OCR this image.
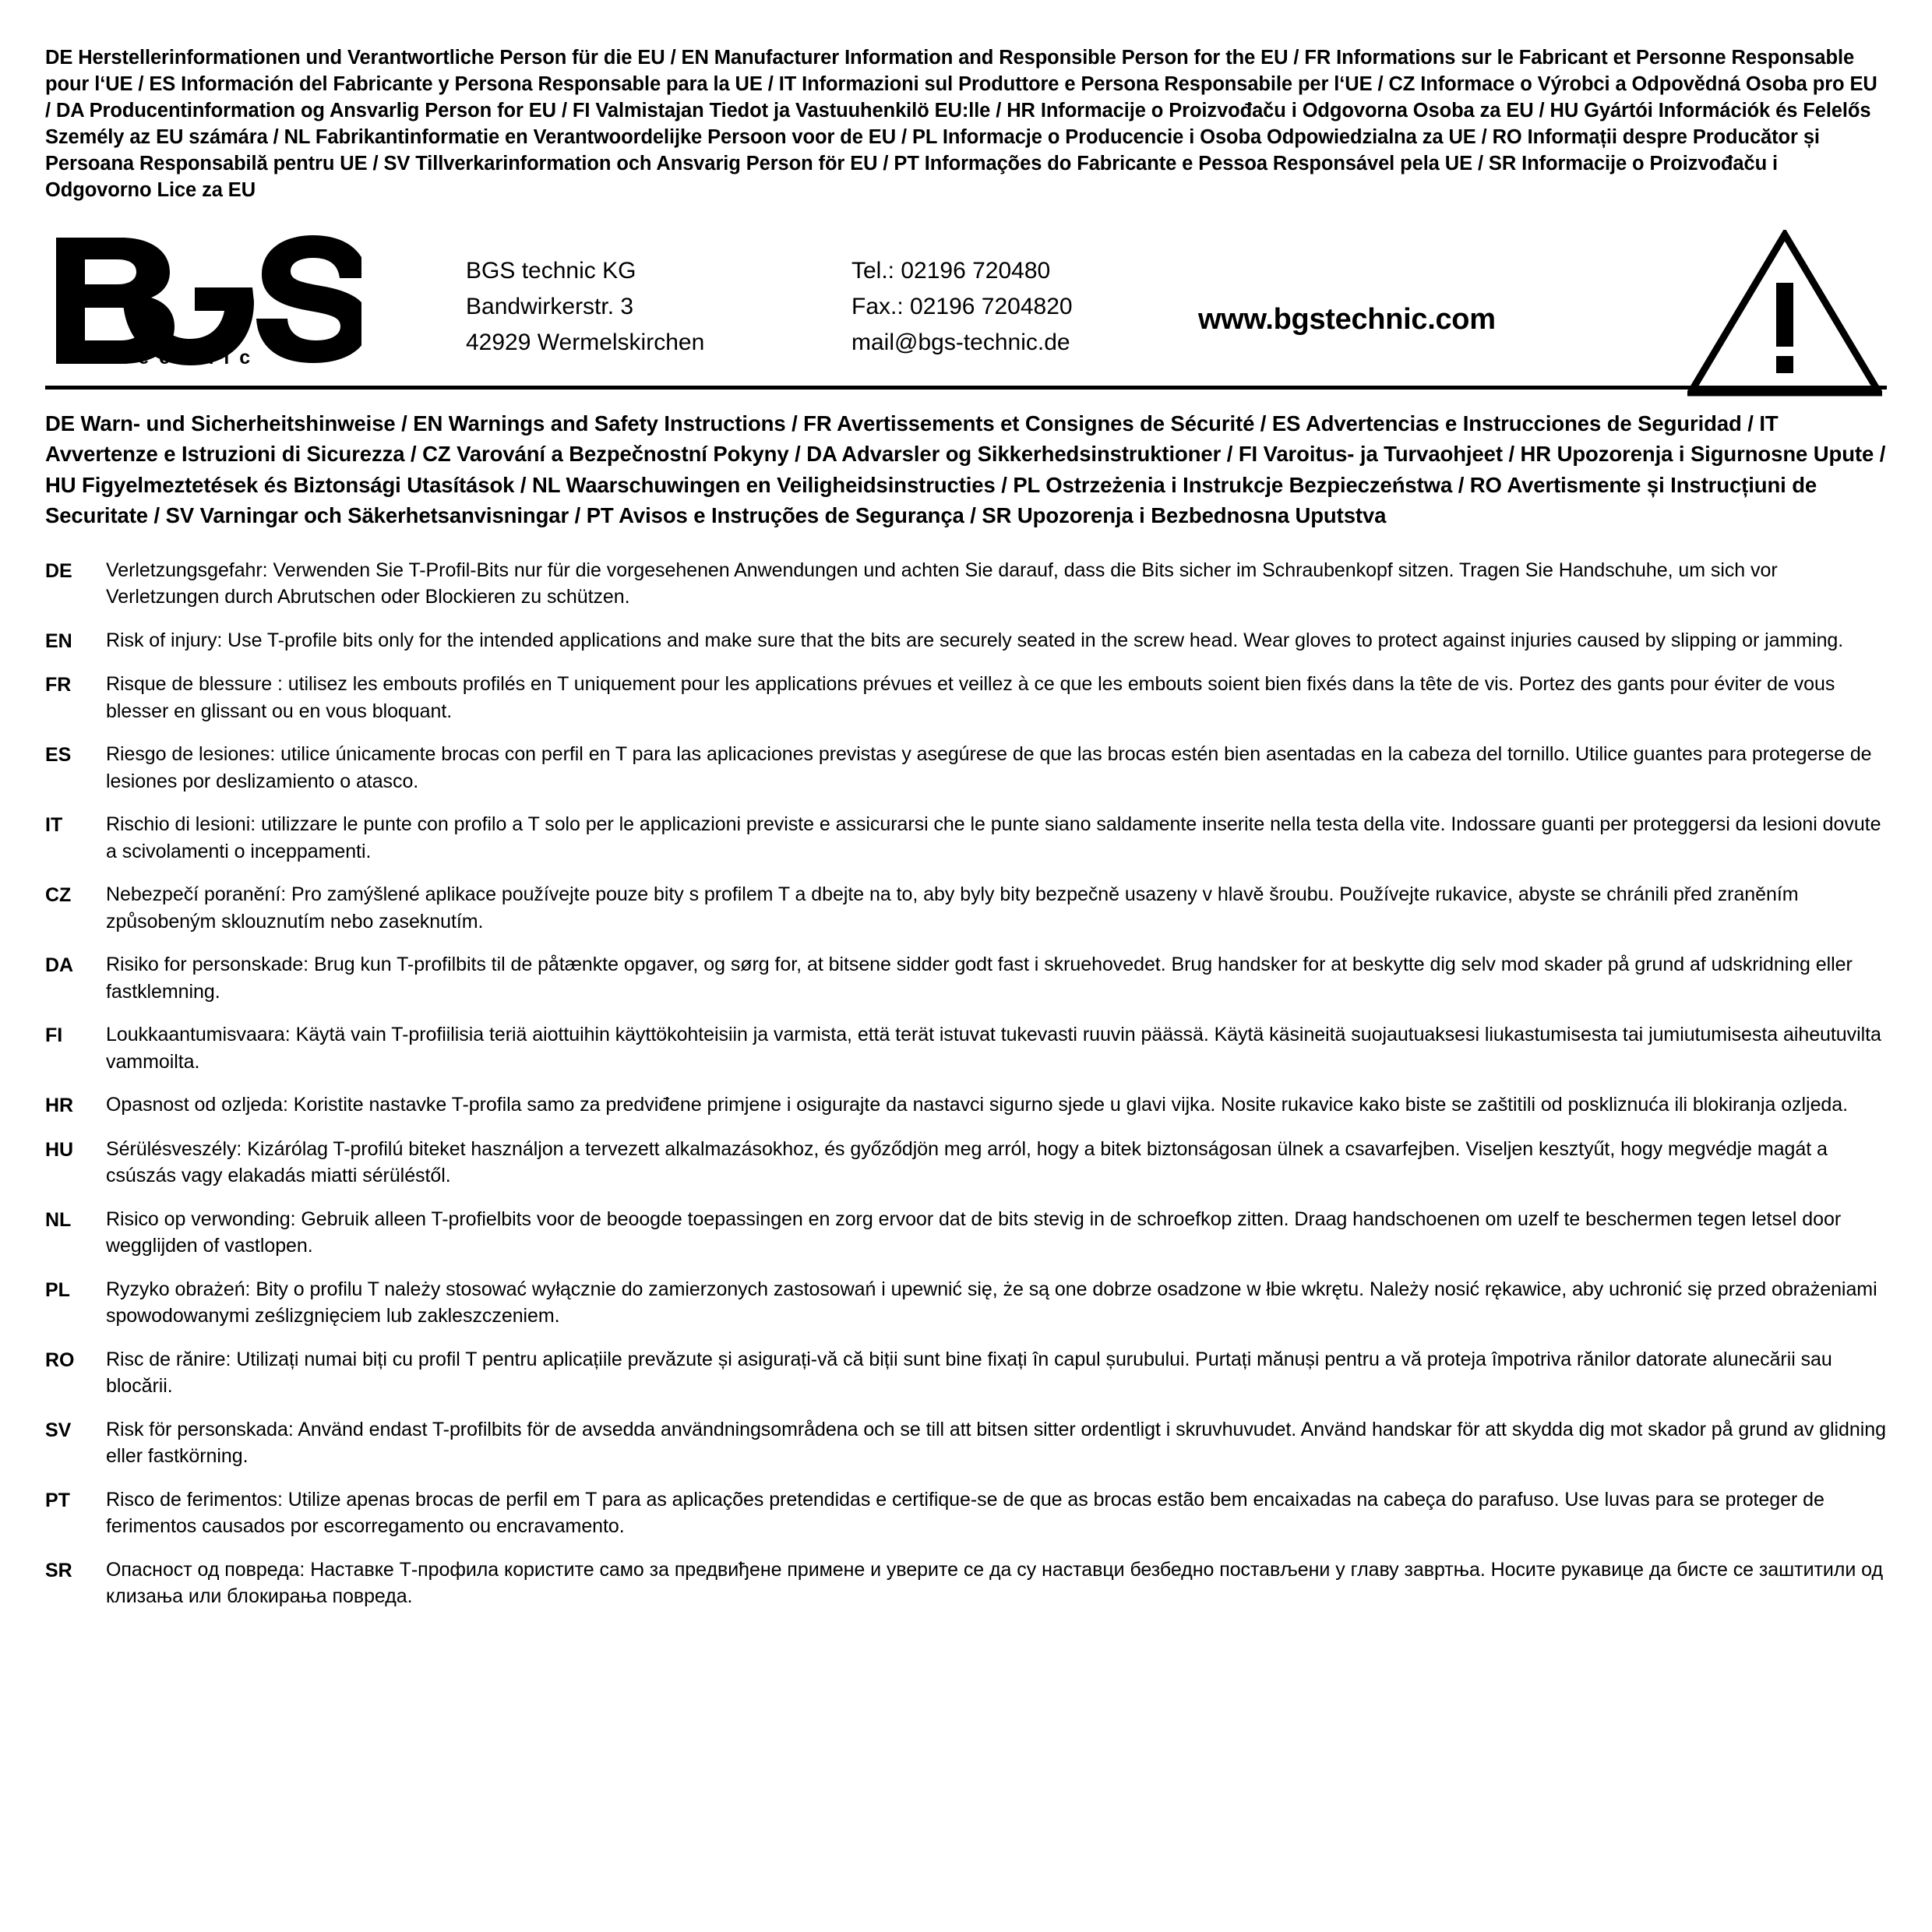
DE Herstellerinformationen und Verantwortliche Person für die EU / EN Manufacturer Information and Responsible Person for the EU / FR Informations sur le Fabricant et Personne Responsable pour l‘UE / ES Información del Fabricante y Persona Responsable para la UE / IT Informazioni sul Produttore e Persona Responsabile per l‘UE / CZ Informace o Výrobci a Odpovědná Osoba pro EU / DA Producentinformation og Ansvarlig Person for EU / FI Valmistajan Tiedot ja Vastuuhenkilö EU:lle / HR Informacije o Proizvođaču i Odgovorna Osoba za EU / HU Gyártói Információk és Felelős Személy az EU számára / NL Fabrikantinformatie en Verantwoordelijke Persoon voor de EU / PL Informacje o Producencie i Osoba Odpowiedzialna za UE / RO Informații despre Producător și Persoana Responsabilă pentru UE / SV Tillverkarinformation och Ansvarig Person för EU / PT Informações do Fabricante e Pessoa Responsável pela UE / SR Informacije o Proizvođaču i Odgovorno Lice za EU
t e c h n i c
®
BGS technic KG
Bandwirkerstr. 3
42929 Wermelskirchen
Tel.: 02196 720480
Fax.: 02196 7204820
mail@bgs-technic.de
www.bgstechnic.com
DE Warn- und Sicherheitshinweise / EN Warnings and Safety Instructions / FR Avertissements et Consignes de Sécurité / ES Advertencias e Instrucciones de Seguridad / IT Avvertenze e Istruzioni di Sicurezza / CZ Varování a Bezpečnostní Pokyny / DA Advarsler og Sikkerhedsinstruktioner / FI Varoitus- ja Turvaohjeet / HR Upozorenja i Sigurnosne Upute / HU Figyelmeztetések és Biztonsági Utasítások / NL Waarschuwingen en Veiligheidsinstructies / PL Ostrzeżenia i Instrukcje Bezpieczeństwa / RO Avertismente și Instrucțiuni de Securitate / SV Varningar och Säkerhetsanvisningar / PT Avisos e Instruções de Segurança / SR Upozorenja i Bezbednosna Uputstva
DE	Verletzungsgefahr: Verwenden Sie T-Profil-Bits nur für die vorgesehenen Anwendungen und achten Sie darauf, dass die Bits sicher im Schraubenkopf sitzen. Tragen Sie Handschuhe, um sich vor Verletzungen durch Abrutschen oder Blockieren zu schützen.
EN	Risk of injury: Use T-profile bits only for the intended applications and make sure that the bits are securely seated in the screw head. Wear gloves to protect against injuries caused by slipping or jamming.
FR	Risque de blessure : utilisez les embouts profilés en T uniquement pour les applications prévues et veillez à ce que les embouts soient bien fixés dans la tête de vis. Portez des gants pour éviter de vous blesser en glissant ou en vous bloquant.
ES	Riesgo de lesiones: utilice únicamente brocas con perfil en T para las aplicaciones previstas y asegúrese de que las brocas estén bien asentadas en la cabeza del tornillo. Utilice guantes para protegerse de lesiones por deslizamiento o atasco.
IT	Rischio di lesioni: utilizzare le punte con profilo a T solo per le applicazioni previste e assicurarsi che le punte siano saldamente inserite nella testa della vite. Indossare guanti per proteggersi da lesioni dovute a scivolamenti o inceppamenti.
CZ	Nebezpečí poranění: Pro zamýšlené aplikace používejte pouze bity s profilem T a dbejte na to, aby byly bity bezpečně usazeny v hlavě šroubu. Používejte rukavice, abyste se chránili před zraněním způsobeným sklouznutím nebo zaseknutím.
DA	Risiko for personskade: Brug kun T-profilbits til de påtænkte opgaver, og sørg for, at bitsene sidder godt fast i skruehovedet. Brug handsker for at beskytte dig selv mod skader på grund af udskridning eller fastklemning.
FI	Loukkaantumisvaara: Käytä vain T-profiilisia teriä aiottuihin käyttökohteisiin ja varmista, että terät istuvat tukevasti ruuvin päässä. Käytä käsineitä suojautuaksesi liukastumisesta tai jumiutumisesta aiheutuvilta vammoilta.
HR	Opasnost od ozljeda: Koristite nastavke T-profila samo za predviđene primjene i osigurajte da nastavci sigurno sjede u glavi vijka. Nosite rukavice kako biste se zaštitili od posklizn​uća ili blokiranja ozljeda.
HU	Sérülésveszély: Kizárólag T-profilú biteket használjon a tervezett alkalmazásokhoz, és győződjön meg arról, hogy a bitek biztonságosan ülnek a csavarfejben. Viseljen kesztyűt, hogy megvédje magát a csúszás vagy elakadás miatti sérüléstől.
NL	Risico op verwonding: Gebruik alleen T-profielbits voor de beoogde toepassingen en zorg ervoor dat de bits stevig in de schroefkop zitten. Draag handschoenen om uzelf te beschermen tegen letsel door wegglijden of vastlopen.
PL	Ryzyko obrażeń: Bity o profilu T należy stosować wyłącznie do zamierzonych zastosowań i upewnić się, że są one dobrze osadzone w łbie wkrętu. Należy nosić rękawice, aby uchronić się przed obrażeniami spowodowanymi ześlizgnięciem lub zakleszczeniem.
RO	Risc de rănire: Utilizați numai biți cu profil T pentru aplicațiile prevăzute și asigurați-vă că biții sunt bine fixați în capul șurubului. Purtați mănuși pentru a vă proteja împotriva rănilor datorate alunecării sau blocării.
SV	Risk för personskada: Använd endast T-profilbits för de avsedda användningsområdena och se till att bitsen sitter ordentligt i skruvhuvudet. Använd handskar för att skydda dig mot skador på grund av glidning eller fastkörning.
PT	Risco de ferimentos: Utilize apenas brocas de perfil em T para as aplicações pretendidas e certifique-se de que as brocas estão bem encaixadas na cabeça do parafuso. Use luvas para se proteger de ferimentos causados por escorregamento ou encravamento.
SR	Опасност од повреда: Наставке Т-профила користите само за предвиђене примене и уверите се да су наставци безбедно постављени у главу завртња. Носите рукавице да бисте се заштитили од клизања или блокирања повреда.
